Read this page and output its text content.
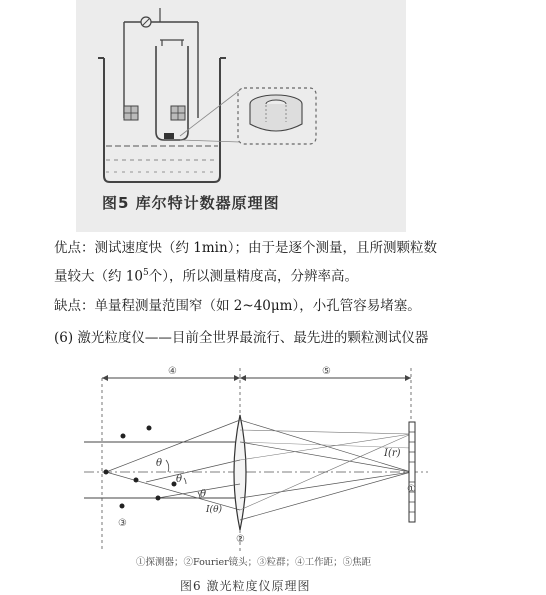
图5 库尔特计数器原理图
优点：测试速度快（约 1min）；由于是逐个测量，且所测颗粒数
量较大（约 $10^5$个），所以测量精度高，分辨率高。
缺点：单量程测量范围窄（如 2~40μm），小孔管容易堵塞。
(6) 激光粒度仪——目前全世界最流行、最先进的颗粒测试仪器
④	⑤
②
θ
θ
θ
I(θ)
③
I(r)
①
①探测器；②Fourier镜头；③粒群；④工作距；⑤焦距
图6 激光粒度仪原理图
